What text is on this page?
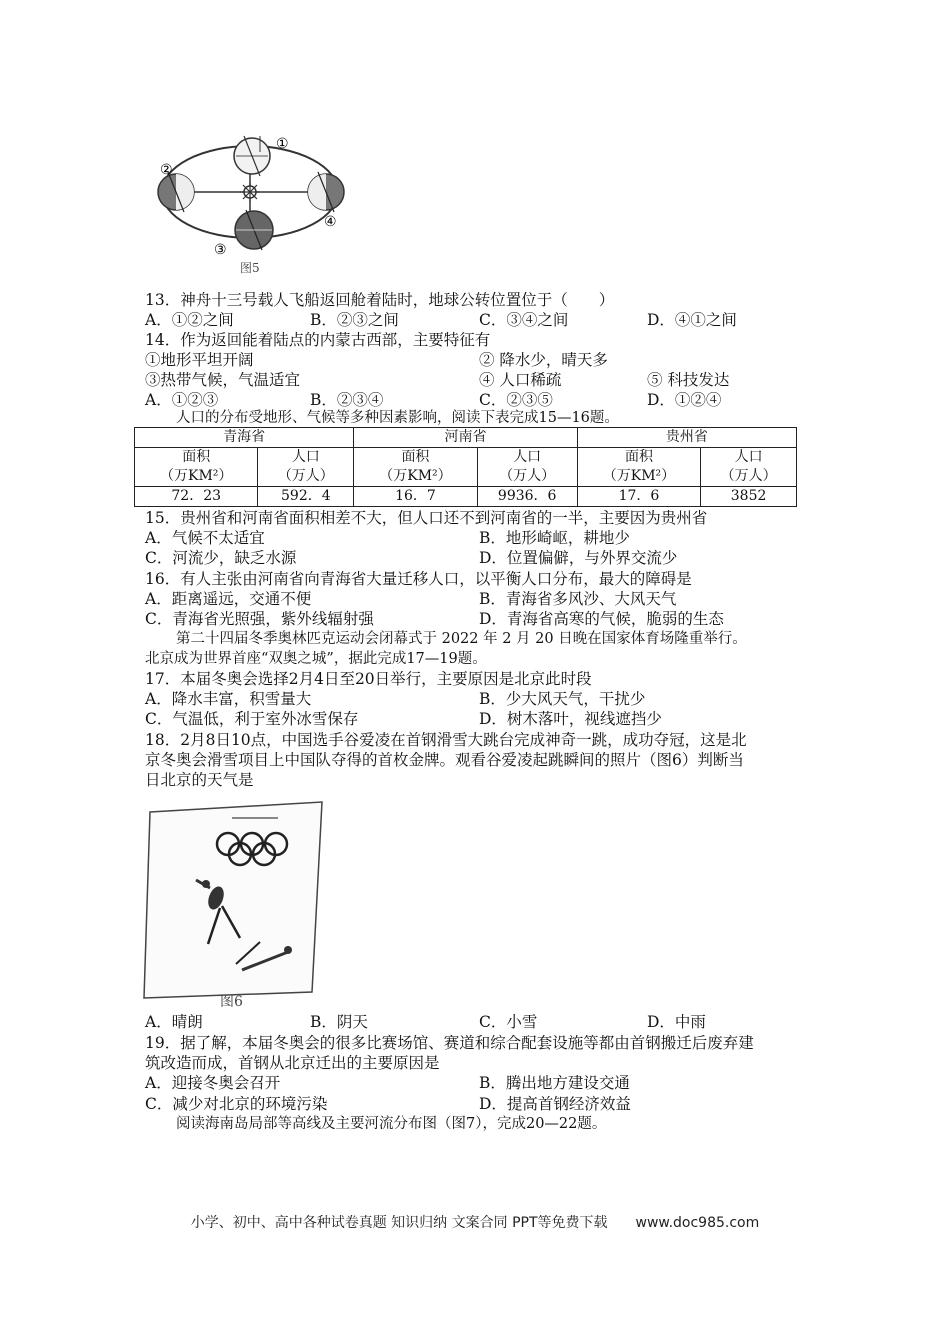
①
②
③
④
图5
13．神舟十三号载人飞船返回舱着陆时，地球公转位置位于（　　）
A．①②之间	B．②③之间	C．③④之间	D．④①之间
14．作为返回能着陆点的内蒙古西部，主要特征有
①地形平坦开阔	② 降水少，晴天多
③热带气候，气温适宜	④ 人口稀疏	⑤ 科技发达
A．①②③	B．②③④	C．②③⑤	D．①②④
人口的分布受地形、气候等多种因素影响，阅读下表完成15—16题。
青海省		河南省		贵州省	
面积	人口	面积	人口	面积	人口
（万KM²）	（万人）	（万KM²）	（万人）	（万KM²）	（万人）
72．23	592．4	16．7	9936．6	17．6	3852
15．贵州省和河南省面积相差不大，但人口还不到河南省的一半，主要因为贵州省
A．气候不太适宜	B．地形崎岖，耕地少
C．河流少，缺乏水源	D．位置偏僻，与外界交流少
16．有人主张由河南省向青海省大量迁移人口，以平衡人口分布，最大的障碍是
A．距离遥远，交通不便	B．青海省多风沙、大风天气
C．青海省光照强，紫外线辐射强	D．青海省高寒的气候，脆弱的生态
第二十四届冬季奥林匹克运动会闭幕式于 2022 年 2 月 20 日晚在国家体育场隆重举行。
北京成为世界首座“双奥之城”，据此完成17—19题。
17．本届冬奥会选择2月4日至20日举行，主要原因是北京此时段
A．降水丰富，积雪量大	B．少大风天气，干扰少
C．气温低，利于室外冰雪保存	D．树木落叶，视线遮挡少
18．2月8日10点，中国选手谷爱凌在首钢滑雪大跳台完成神奇一跳，成功夺冠，这是北
京冬奥会滑雪项目上中国队夺得的首枚金牌。观看谷爱凌起跳瞬间的照片（图6）判断当
日北京的天气是
图6
A．晴朗	B．阴天	C．小雪	D．中雨
19．据了解，本届冬奥会的很多比赛场馆、赛道和综合配套设施等都由首钢搬迁后废弃建
筑改造而成，首钢从北京迁出的主要原因是
A．迎接冬奥会召开	B．腾出地方建设交通
C．减少对北京的环境污染	D．提高首钢经济效益
阅读海南岛局部等高线及主要河流分布图（图7），完成20—22题。
小学、初中、高中各种试卷真题 知识归纳 文案合同 PPT等免费下载　　www.doc985.com
